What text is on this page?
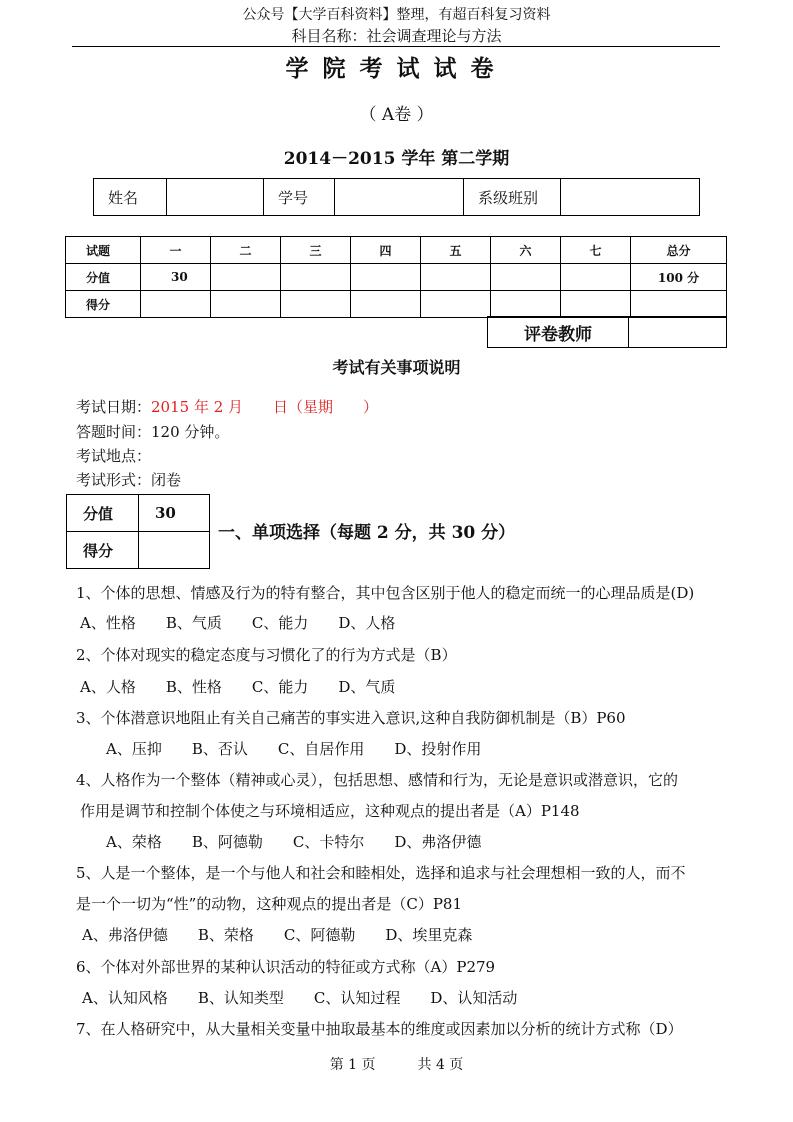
公众号【大学百科资料】整理，有超百科复习资料
科目名称：社会调查理论与方法
学院考试试卷
（ A卷 ）
2014－2015 学年 第二学期
姓名		学号		系级班别	
试题	一	二	三	四	五	六	七	总分
分值	30							100 分
得分								
评卷教师	
考试有关事项说明
考试日期：2015 年 2 月　　日（星期　　）
答题时间：120 分钟。
考试地点：
考试形式：闭卷
分值	30
得分	
一、单项选择（每题 2 分，共 30 分）
1、个体的思想、情感及行为的特有整合，其中包含区别于他人的稳定而统一的心理品质是(D)
A、性格　　B、气质　　C、能力　　D、人格
2、个体对现实的稳定态度与习惯化了的行为方式是（B）
A、人格　　B、性格　　C、能力　　D、气质
3、个体潜意识地阻止有关自己痛苦的事实进入意识,这种自我防御机制是（B）P60
A、压抑　　B、否认　　C、自居作用　　D、投射作用
4、人格作为一个整体（精神或心灵），包括思想、感情和行为，无论是意识或潜意识，它的
作用是调节和控制个体使之与环境相适应，这种观点的提出者是（A）P148
A、荣格　　B、阿德勒　　C、卡特尔　　D、弗洛伊德
5、人是一个整体，是一个与他人和社会和睦相处，选择和追求与社会理想相一致的人，而不
是一个一切为“性”的动物，这种观点的提出者是（C）P81
A、弗洛伊德　　B、荣格　　C、阿德勒　　D、埃里克森
6、个体对外部世界的某种认识活动的特征或方式称（A）P279
A、认知风格　　B、认知类型　　C、认知过程　　D、认知活动
7、在人格研究中，从大量相关变量中抽取最基本的维度或因素加以分析的统计方式称（D）
第 1 页　　　共 4 页
